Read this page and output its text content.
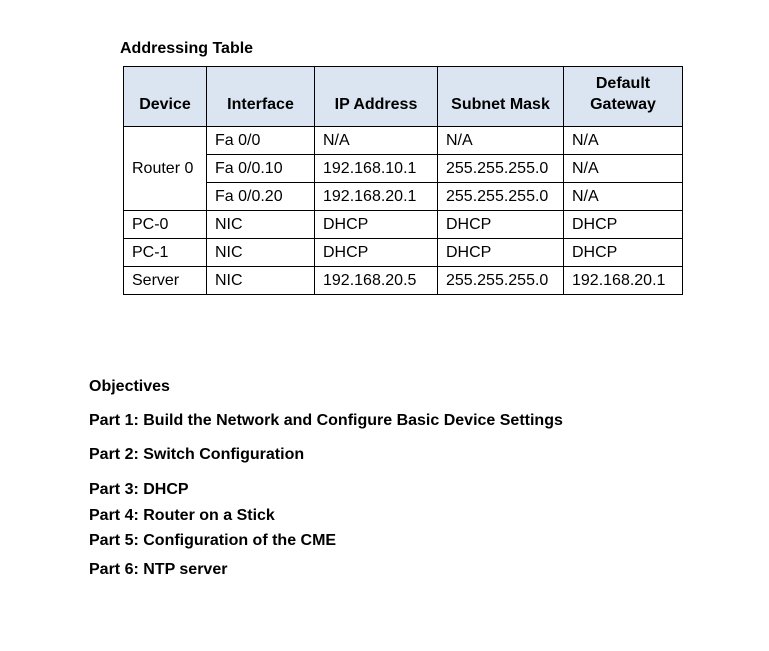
Addressing Table
Device	Interface	IP Address	Subnet Mask	Default Gateway
Router 0	Fa 0/0	N/A	N/A	N/A
	Fa 0/0.10	192.168.10.1	255.255.255.0	N/A
	Fa 0/0.20	192.168.20.1	255.255.255.0	N/A
PC-0	NIC	DHCP	DHCP	DHCP
PC-1	NIC	DHCP	DHCP	DHCP
Server	NIC	192.168.20.5	255.255.255.0	192.168.20.1
Objectives
Part 1: Build the Network and Configure Basic Device Settings
Part 2: Switch Configuration
Part 3: DHCP
Part 4: Router on a Stick
Part 5: Configuration of the CME
Part 6: NTP server
